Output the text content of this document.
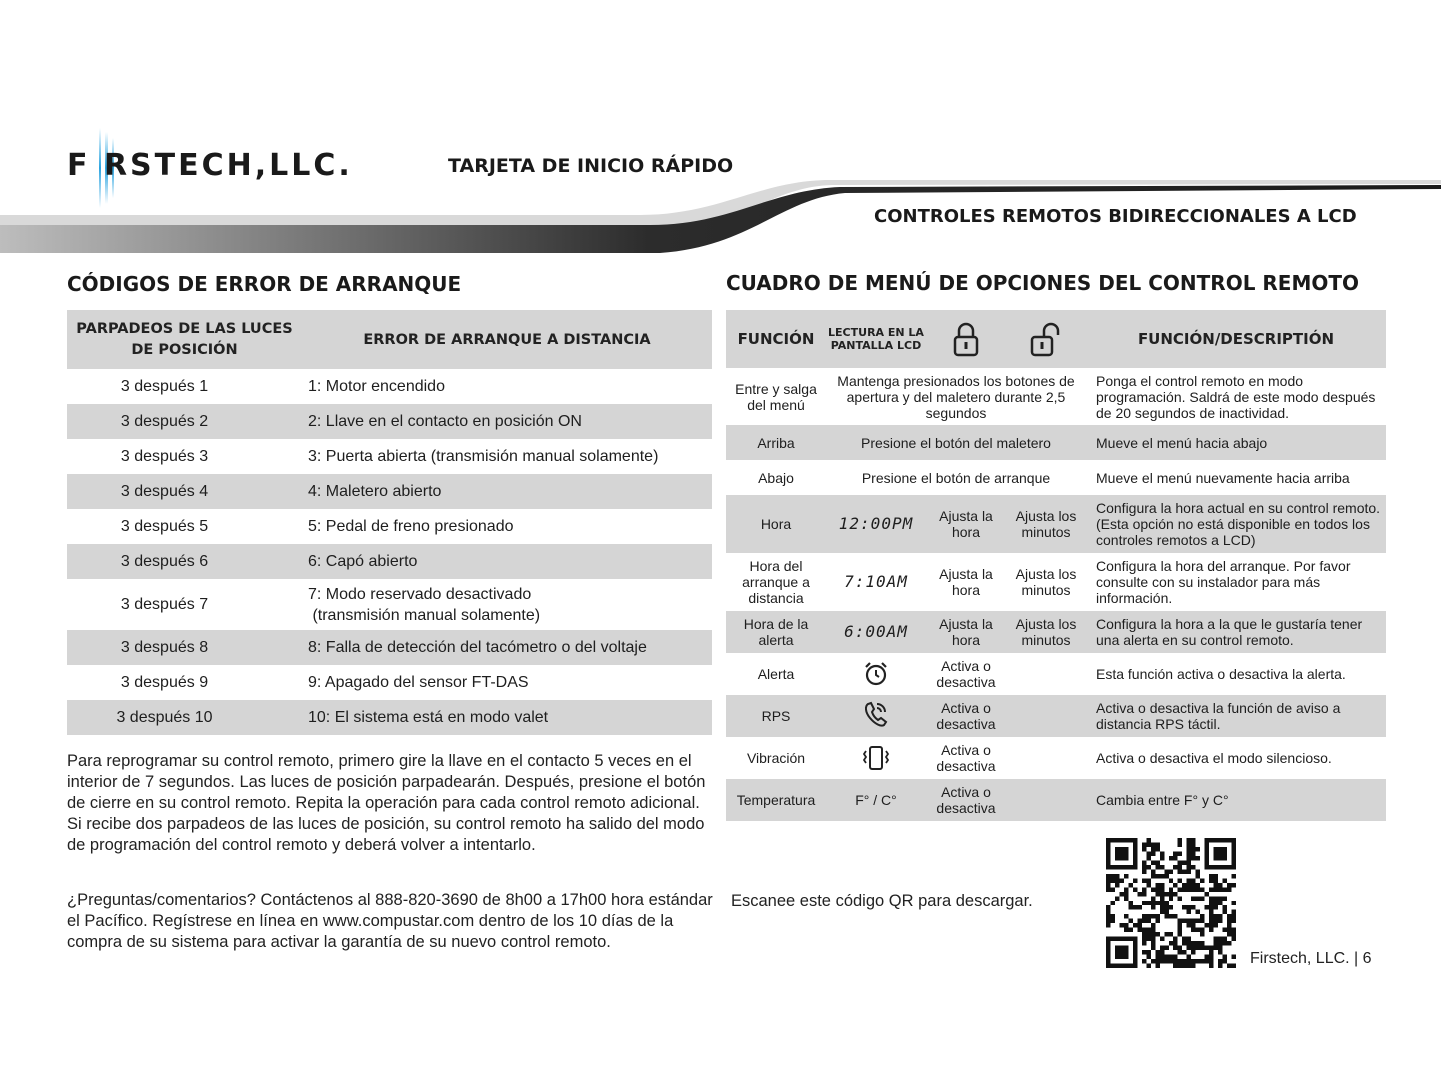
F RSTECH,LLC.	TARJETA DE INICIO RÁPIDO
CONTROLES REMOTOS BIDIRECCIONALES A LCD
CÓDIGOS DE ERROR DE ARRANQUE
PARPADEOS DE LAS LUCES DE POSICIÓN	ERROR DE ARRANQUE A DISTANCIA
3 después 1	1: Motor encendido
3 después 2	2: Llave en el contacto en posición ON
3 después 3	3: Puerta abierta (transmisión manual solamente)
3 después 4	4: Maletero abierto
3 después 5	5: Pedal de freno presionado
3 después 6	6: Capó abierto
3 después 7	7: Modo reservado desactivado
(transmisión manual solamente)
3 después 8	8: Falla de detección del tacómetro o del voltaje
3 después 9	9: Apagado del sensor FT-DAS
3 después 10	10: El sistema está en modo valet
Para reprogramar su control remoto, primero gire la llave en el contacto 5 veces en el interior de 7 segundos. Las luces de posición parpadearán. Después, presione el botón de cierre en su control remoto. Repita la operación para cada control remoto adicional. Si recibe dos parpadeos de las luces de posición, su control remoto ha salido del modo de programación del control remoto y deberá volver a intentarlo.
¿Preguntas/comentarios? Contáctenos al 888-820-3690 de 8h00 a 17h00 hora estándar el Pacífico. Regístrese en línea en www.compustar.com dentro de los 10 días de la compra de su sistema para activar la garantía de su nuevo control remoto.
CUADRO DE MENÚ DE OPCIONES DEL CONTROL REMOTO
FUNCIÓN	LECTURA EN LA PANTALLA LCD			FUNCIÓN/DESCRIPTIÓN
Entre y salga del menú	Mantenga presionados los botones de apertura y del maletero durante 2,5 segundos			Ponga el control remoto en modo programación. Saldrá de este modo después de 20 segundos de inactividad.
Arriba	Presione el botón del maletero			Mueve el menú hacia abajo
Abajo	Presione el botón de arranque			Mueve el menú nuevamente hacia arriba
Hora	12:00PM	Ajusta la hora	Ajusta los minutos	Configura la hora actual en su control remoto. (Esta opción no está disponible en todos los controles remotos a LCD)
Hora del arranque a distancia	7:10AM	Ajusta la hora	Ajusta los minutos	Configura la hora del arranque. Por favor consulte con su instalador para más información.
Hora de la alerta	6:00AM	Ajusta la hora	Ajusta los minutos	Configura la hora a la que le gustaría tener una alerta en su control remoto.
Alerta		Activa o desactiva		Esta función activa o desactiva la alerta.
RPS		Activa o desactiva		Activa o desactiva la función de aviso a distancia RPS táctil.
Vibración		Activa o desactiva		Activa o desactiva el modo silencioso.
Temperatura	F° / C°	Activa o desactiva		Cambia entre F° y C°
Escanee este código QR para descargar.
Firstech, LLC. | 6
